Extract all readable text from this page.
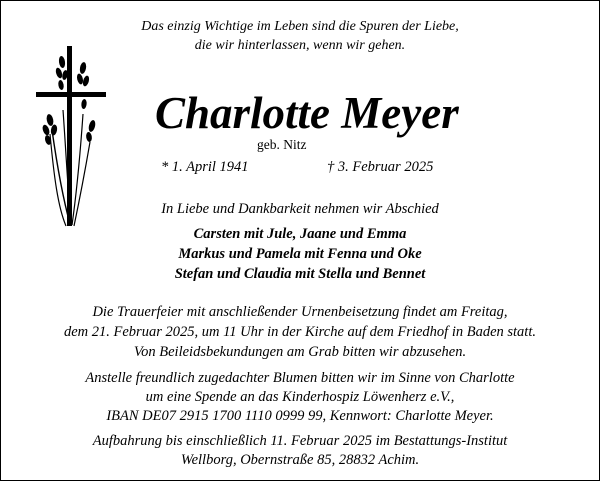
Das einzig Wichtige im Leben sind die Spuren der Liebe,
die wir hinterlassen, wenn wir gehen.
Charlotte Meyer
geb. Nitz
* 1. April 1941	† 3. Februar 2025
In Liebe und Dankbarkeit nehmen wir Abschied
Carsten mit Jule, Jaane und Emma
Markus und Pamela mit Fenna und Oke
Stefan und Claudia mit Stella und Bennet
Die Trauerfeier mit anschließender Urnenbeisetzung findet am Freitag,
dem 21. Februar 2025, um 11 Uhr in der Kirche auf dem Friedhof in Baden statt.
Von Beileidsbekundungen am Grab bitten wir abzusehen.
Anstelle freundlich zugedachter Blumen bitten wir im Sinne von Charlotte
um eine Spende an das Kinderhospiz Löwenherz e.V.,
IBAN DE07 2915 1700 1110 0999 99, Kennwort: Charlotte Meyer.
Aufbahrung bis einschließlich 11. Februar 2025 im Bestattungs-Institut
Wellborg, Obernstraße 85, 28832 Achim.
